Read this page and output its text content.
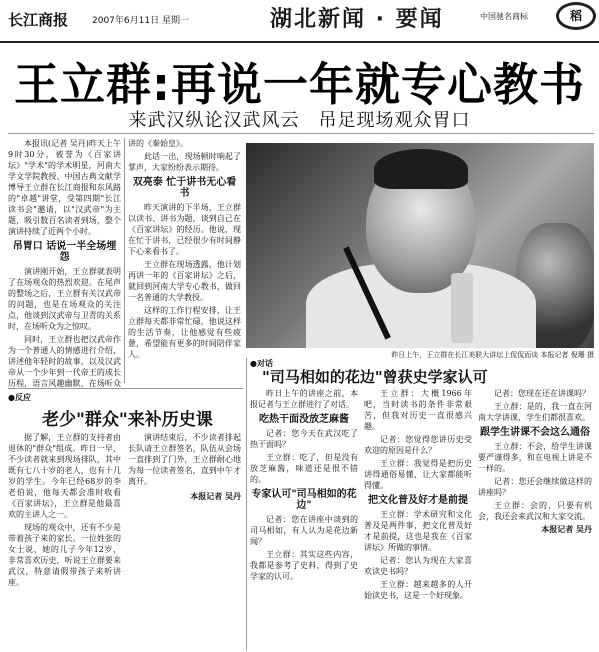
长江商报	2007年6月11日 星期一	湖北新闻 · 要闻	中国驰名商标	稻
王立群:再说一年就专心教书
来武汉纵论汉武风云　吊足现场观众胃口

本报讯(记者 吴丹)昨天上午9时30分，被誉为《百家讲坛》"学术"的学术明星，河南大学文学院教授、中国古典文献学博导王立群在长江商报和东风路的"卓越"讲堂，受第四期"长江读书会"邀请，以"汉武帝"为主题，吸引数百名读者到场，整个演讲持续了近两个小时。

吊胃口 话说一半全场埋怨

演讲刚开始，王立群就表明了在场观众的热烈欢迎。在尾声的整场之后，王立群有关汉武帝的问题，也是在场观众的关注点，他谈到汉武帝与卫青的关系时，在场听众为之惊叹。

同时，王立群也把汉武帝作为一个普通人的情感进行介绍，讲述他年轻时的故事，以及汉武帝从一个少年到一代帝王的成长历程，语言风趣幽默，在场听众

讲的《秦始皇》。

此话一出，现场顿时响起了掌声，大家纷纷表示期待。

双亮泰 忙于讲书无心看书

昨天演讲的下半场，王立群以读书、讲书为题，谈到自己在《百家讲坛》的经历。他说，现在忙于讲书，已经很少有时间静下心来看书了。

王立群在现场透露，他计划再讲一年的《百家讲坛》之后，就回到河南大学专心教书，做回一名普通的大学教授。

这样的工作行程安排，让王立群每天都非常忙碌，他说这样的生活节奏，让他感觉有些疲惫，希望能有更多的时间陪伴家人。	昨日上午，王立群在长江美联大讲坛上侃侃而谈 本报记者 倪珊 摄
●对话
"司马相如的花边"曾获史学家认可

昨日上午的讲座之前，本报记者与王立群进行了对话。

吃热干面没放芝麻酱

记者：您今天在武汉吃了热干面吗？

王立群：吃了，但是没有放芝麻酱，味道还是很不错的。

专家认可"司马相如的花边"

记者：您在讲座中谈到的司马相如，有人认为是花边新闻？

王立群：其实这些内容，我都是参考了史料，得到了史学家的认可。

王立群：大概1966年吧，当时读书的条件非常艰苦，但我对历史一直很感兴趣。

记者：您觉得您讲历史受欢迎的原因是什么？

王立群：我觉得是把历史讲得通俗易懂，让大家都能听得懂。

把文化普及好才是前提

王立群：学术研究和文化普及是两件事，把文化普及好才是前提，这也是我在《百家讲坛》所做的事情。

记者：您认为现在大家喜欢读史书吗？

王立群：越来越多的人开始读史书，这是一个好现象。

记者：您现在还在讲课吗？

王立群：是的，我一直在河南大学讲课，学生们都很喜欢。

跟学生讲课不会这么通俗

王立群：不会，给学生讲课要严谨得多，和在电视上讲是不一样的。

记者：您还会继续做这样的讲座吗？

王立群：会的，只要有机会，我还会来武汉和大家交流。

本报记者 吴丹
●反应
老少"群众"来补历史课

据了解，王立群的支持者由退休的"群众"组成。昨日一早，不少读者就来到现场排队，其中既有七八十岁的老人，也有十几岁的学生。今年已经68岁的李老伯说，他每天都会准时收看《百家讲坛》，王立群是他最喜欢的主讲人之一。

现场的观众中，还有不少是带着孩子来的家长。一位姓张的女士说，她的儿子今年12岁，非常喜欢历史，听说王立群要来武汉，特意请假带孩子来听讲座。

演讲结束后，不少读者排起长队请王立群签名，队伍从会场一直排到了门外，王立群耐心地为每一位读者签名，直到中午才离开。

本报记者 吴丹
